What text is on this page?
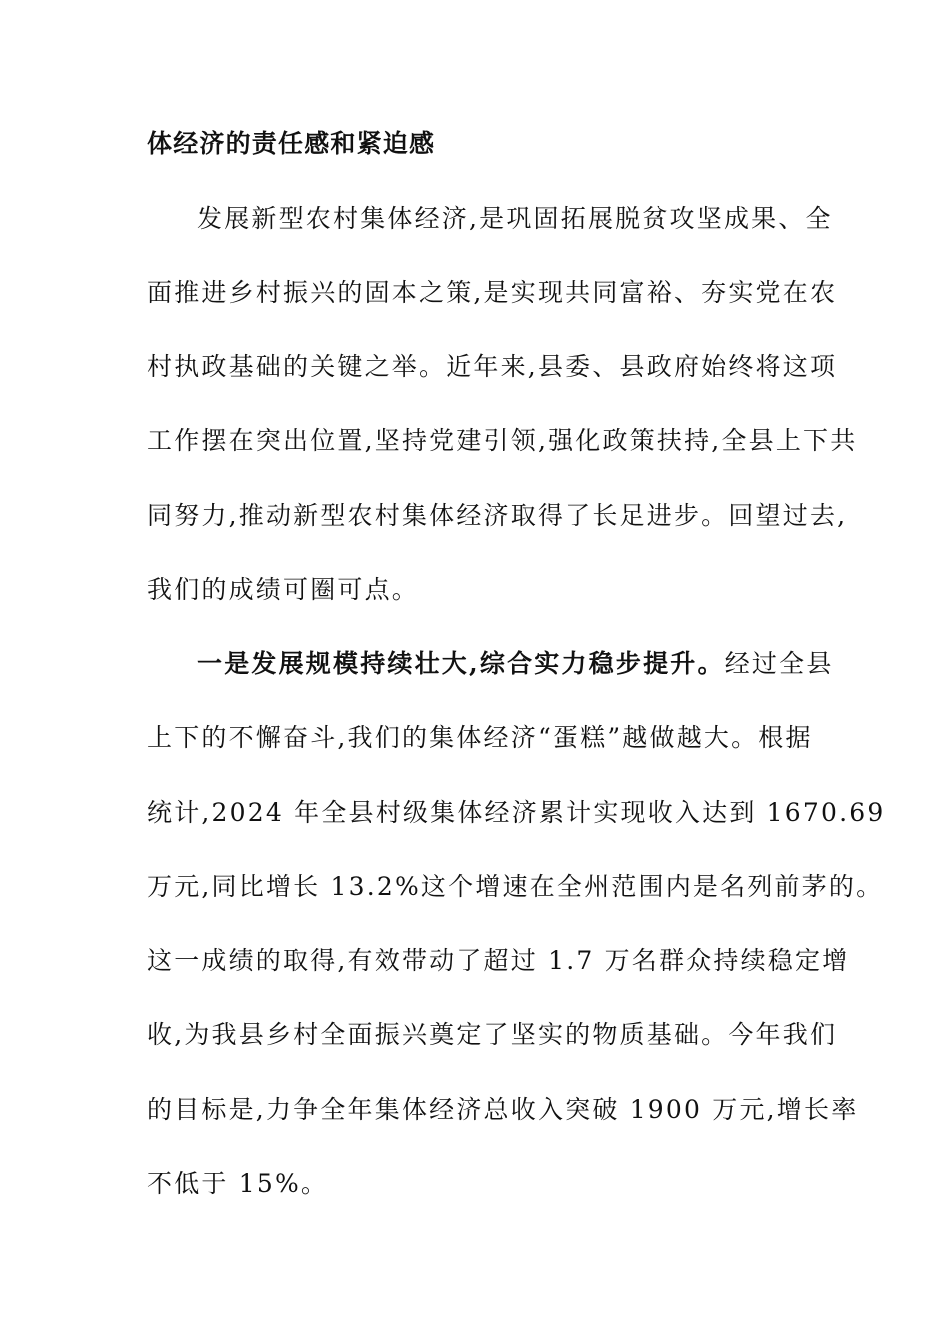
体经济的责任感和紧迫感
发展新型农村集体经济,是巩固拓展脱贫攻坚成果、全
面推进乡村振兴的固本之策,是实现共同富裕、夯实党在农
村执政基础的关键之举。近年来,县委、县政府始终将这项
工作摆在突出位置,坚持党建引领,强化政策扶持,全县上下共
同努力,推动新型农村集体经济取得了长足进步。回望过去,
我们的成绩可圈可点。
一是发展规模持续壮大,综合实力稳步提升。经过全县
上下的不懈奋斗,我们的集体经济“蛋糕”越做越大。根据
统计,2024 年全县村级集体经济累计实现收入达到 1670.69
万元,同比增长 13.2%这个增速在全州范围内是名列前茅的。
这一成绩的取得,有效带动了超过 1.7 万名群众持续稳定增
收,为我县乡村全面振兴奠定了坚实的物质基础。今年我们
的目标是,力争全年集体经济总收入突破 1900 万元,增长率
不低于 15%。
